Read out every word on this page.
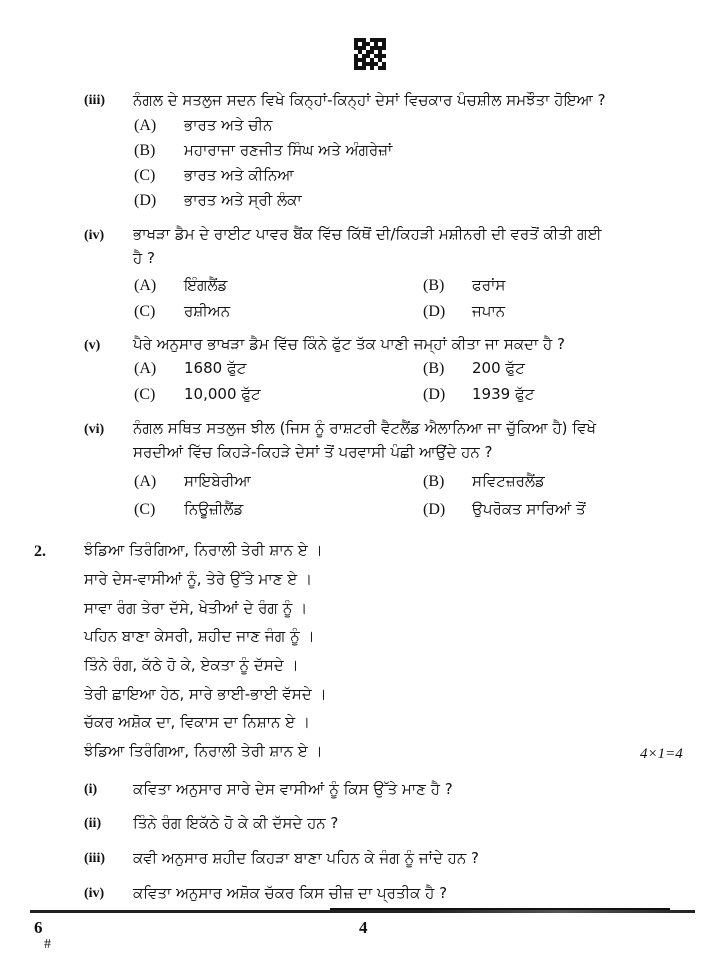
(iii) ਨੰਗਲ ਦੇ ਸਤਲੁਜ ਸਦਨ ਵਿਖੇ ਕਿਨ੍ਹਾਂ-ਕਿਨ੍ਹਾਂ ਦੇਸਾਂ ਵਿਚਕਾਰ ਪੰਚਸ਼ੀਲ ਸਮਝੌਤਾ ਹੋਇਆ ?
(A) ਭਾਰਤ ਅਤੇ ਚੀਨ
(B) ਮਹਾਰਾਜਾ ਰਣਜੀਤ ਸਿੰਘ ਅਤੇ ਅੰਗਰੇਜ਼ਾਂ
(C) ਭਾਰਤ ਅਤੇ ਕੀਨਿਆ
(D) ਭਾਰਤ ਅਤੇ ਸ੍ਰੀ ਲੰਕਾ
(iv) ਭਾਖੜਾ ਡੈਮ ਦੇ ਰਾਈਟ ਪਾਵਰ ਬੈਂਕ ਵਿੱਚ ਕਿੱਥੋਂ ਦੀ/ਕਿਹੜੀ ਮਸ਼ੀਨਰੀ ਦੀ ਵਰਤੋਂ ਕੀਤੀ ਗਈ
ਹੈ ?
(A) ਇੰਗਲੈਂਡ	(B) ਫਰਾਂਸ
(C) ਰਸ਼ੀਅਨ	(D) ਜਪਾਨ
(v) ਪੈਰੇ ਅਨੁਸਾਰ ਭਾਖੜਾ ਡੈਮ ਵਿੱਚ ਕਿੰਨੇ ਫੁੱਟ ਤੱਕ ਪਾਣੀ ਜਮ੍ਹਾਂ ਕੀਤਾ ਜਾ ਸਕਦਾ ਹੈ ?
(A) 1680 ਫੁੱਟ	(B) 200 ਫੁੱਟ
(C) 10,000 ਫੁੱਟ	(D) 1939 ਫੁੱਟ
(vi) ਨੰਗਲ ਸਥਿਤ ਸਤਲੁਜ ਝੀਲ (ਜਿਸ ਨੂੰ ਰਾਸ਼ਟਰੀ ਵੈਟਲੈਂਡ ਐਲਾਨਿਆ ਜਾ ਚੁੱਕਿਆ ਹੈ) ਵਿਖੇ
ਸਰਦੀਆਂ ਵਿੱਚ ਕਿਹੜੇ-ਕਿਹੜੇ ਦੇਸਾਂ ਤੋਂ ਪਰਵਾਸੀ ਪੰਛੀ ਆਉਂਦੇ ਹਨ ?
(A) ਸਾਇਬੇਰੀਆ	(B) ਸਵਿਟਜ਼ਰਲੈਂਡ
(C) ਨਿਊਜ਼ੀਲੈਂਡ	(D) ਉਪਰੋਕਤ ਸਾਰਿਆਂ ਤੋਂ
2.	ਝੰਡਿਆ ਤਿਰੰਗਿਆ, ਨਿਰਾਲੀ ਤੇਰੀ ਸ਼ਾਨ ਏ ।
ਸਾਰੇ ਦੇਸ-ਵਾਸੀਆਂ ਨੂੰ, ਤੇਰੇ ਉੱਤੇ ਮਾਣ ਏ ।
ਸਾਵਾ ਰੰਗ ਤੇਰਾ ਦੱਸੇ, ਖੇਤੀਆਂ ਦੇ ਰੰਗ ਨੂੰ ।
ਪਹਿਨ ਬਾਣਾ ਕੇਸਰੀ, ਸ਼ਹੀਦ ਜਾਣ ਜੰਗ ਨੂੰ ।
ਤਿੰਨੇ ਰੰਗ, ਕੱਠੇ ਹੋ ਕੇ, ਏਕਤਾ ਨੂੰ ਦੱਸਦੇ ।
ਤੇਰੀ ਛਾਇਆ ਹੇਠ, ਸਾਰੇ ਭਾਈ-ਭਾਈ ਵੱਸਦੇ ।
ਚੱਕਰ ਅਸ਼ੋਕ ਦਾ, ਵਿਕਾਸ ਦਾ ਨਿਸ਼ਾਨ ਏ ।
ਝੰਡਿਆ ਤਿਰੰਗਿਆ, ਨਿਰਾਲੀ ਤੇਰੀ ਸ਼ਾਨ ਏ ।	4×1=4
(i) ਕਵਿਤਾ ਅਨੁਸਾਰ ਸਾਰੇ ਦੇਸ ਵਾਸੀਆਂ ਨੂੰ ਕਿਸ ਉੱਤੇ ਮਾਣ ਹੈ ?
(ii) ਤਿੰਨੇ ਰੰਗ ਇਕੱਠੇ ਹੋ ਕੇ ਕੀ ਦੱਸਦੇ ਹਨ ?
(iii) ਕਵੀ ਅਨੁਸਾਰ ਸ਼ਹੀਦ ਕਿਹੜਾ ਬਾਣਾ ਪਹਿਨ ਕੇ ਜੰਗ ਨੂੰ ਜਾਂਦੇ ਹਨ ?
(iv) ਕਵਿਤਾ ਅਨੁਸਾਰ ਅਸ਼ੋਕ ਚੱਕਰ ਕਿਸ ਚੀਜ਼ ਦਾ ਪ੍ਰਤੀਕ ਹੈ ?
6
#
4
